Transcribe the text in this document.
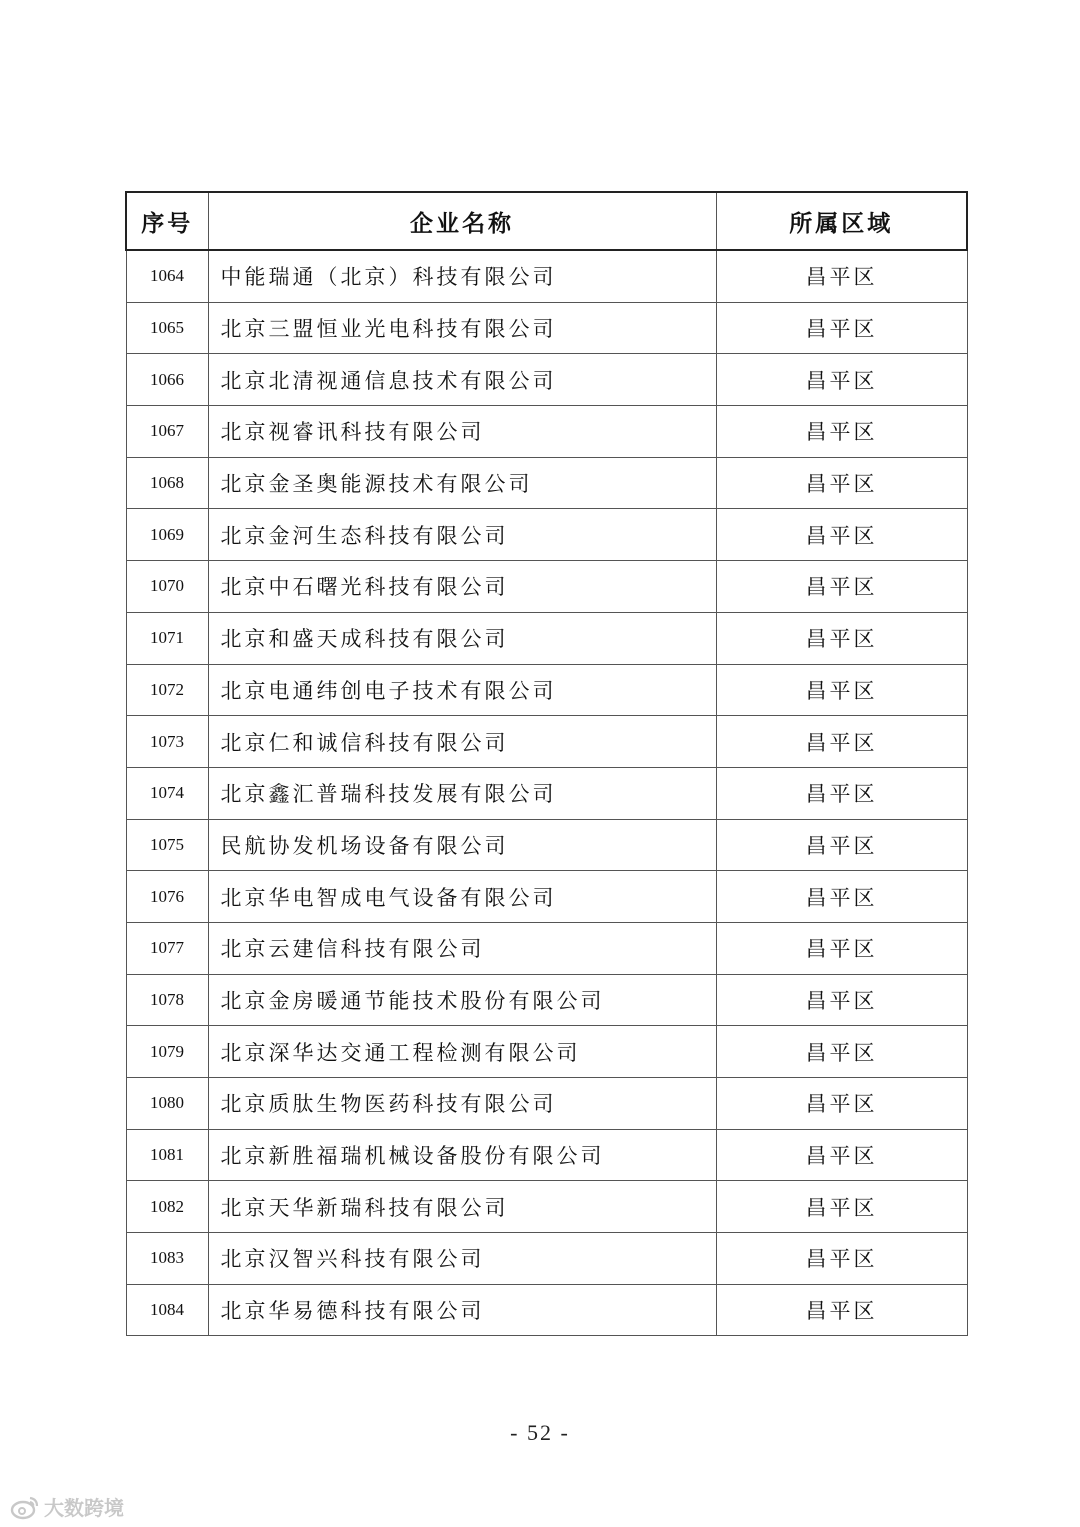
序号	企业名称	所属区域
1064	中能瑞通（北京）科技有限公司	昌平区
1065	北京三盟恒业光电科技有限公司	昌平区
1066	北京北清视通信息技术有限公司	昌平区
1067	北京视睿讯科技有限公司	昌平区
1068	北京金圣奥能源技术有限公司	昌平区
1069	北京金河生态科技有限公司	昌平区
1070	北京中石曙光科技有限公司	昌平区
1071	北京和盛天成科技有限公司	昌平区
1072	北京电通纬创电子技术有限公司	昌平区
1073	北京仁和诚信科技有限公司	昌平区
1074	北京鑫汇普瑞科技发展有限公司	昌平区
1075	民航协发机场设备有限公司	昌平区
1076	北京华电智成电气设备有限公司	昌平区
1077	北京云建信科技有限公司	昌平区
1078	北京金房暖通节能技术股份有限公司	昌平区
1079	北京深华达交通工程检测有限公司	昌平区
1080	北京质肽生物医药科技有限公司	昌平区
1081	北京新胜福瑞机械设备股份有限公司	昌平区
1082	北京天华新瑞科技有限公司	昌平区
1083	北京汉智兴科技有限公司	昌平区
1084	北京华易德科技有限公司	昌平区
- 52 -
大数跨境
